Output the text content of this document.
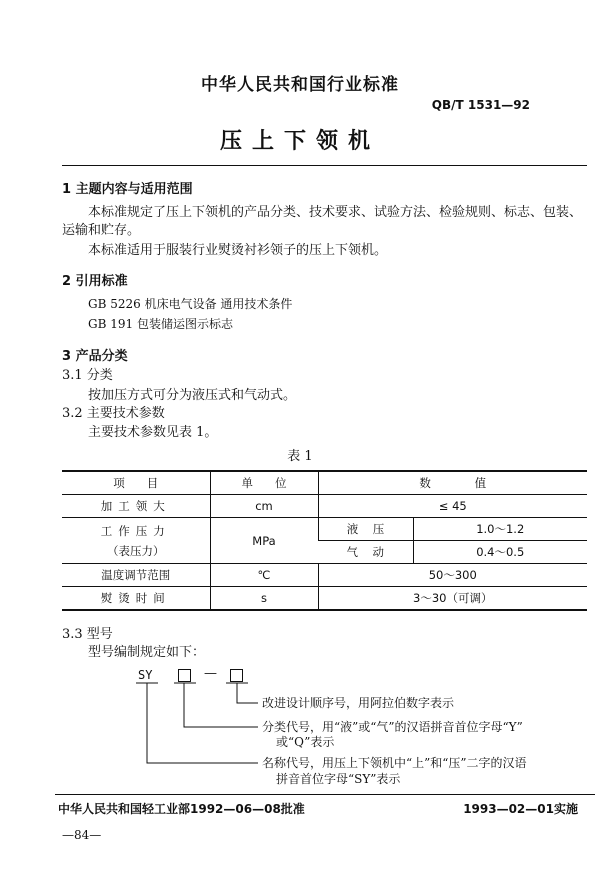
中华人民共和国行业标准
QB/T 1531—92
压上下领机
1 主题内容与适用范围
本标准规定了压上下领机的产品分类、技术要求、试验方法、检验规则、标志、包装、
运输和贮存。
本标准适用于服装行业熨烫衬衫领子的压上下领机。
2 引用标准
GB 5226 机床电气设备 通用技术条件
GB 191 包装储运图示标志
3 产品分类
3.1 分类
按加压方式可分为液压式和气动式。
3.2 主要技术参数
主要技术参数见表 1。
表 1
项      目	单      位	数            值	
加工领大	cm	≤ 45	

工作压力
（表压力）	MPa	液    压	1.0～1.2
		气    动	0.4～0.5
温度调节范围	℃	50～300	
熨烫时间	s	3～30（可调）	
3.3 型号
型号编制规定如下：
SY	—
改进设计顺序号，用阿拉伯数字表示
分类代号，用“液”或“气”的汉语拼音首位字母“Y”
或“Q”表示
名称代号，用压上下领机中“上”和“压”二字的汉语
拼音首位字母“SY”表示
中华人民共和国轻工业部1992—06—08批准	1993—02—01实施
—84—
